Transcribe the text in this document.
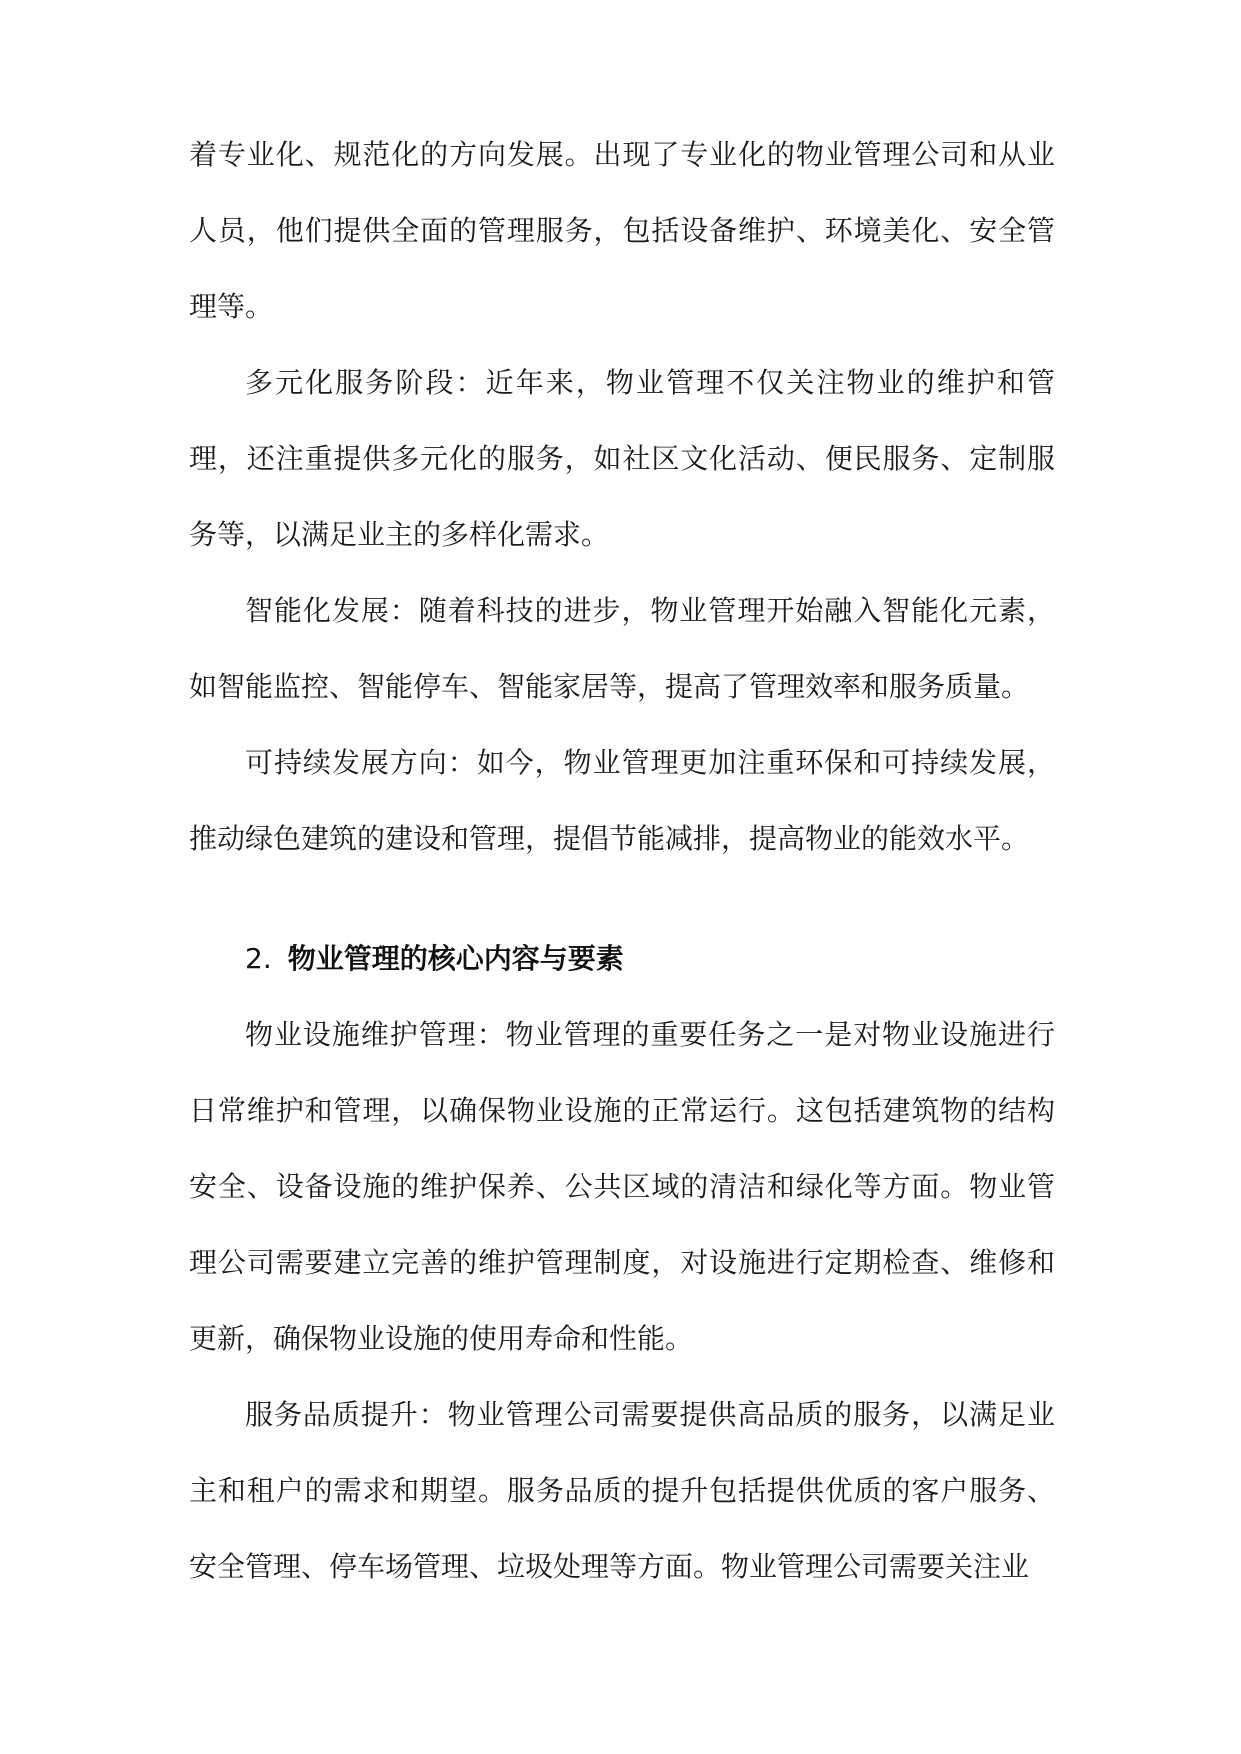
着专业化、规范化的方向发展。出现了专业化的物业管理公司和从业人员，他们提供全面的管理服务，包括设备维护、环境美化、安全管理等。

多元化服务阶段：近年来，物业管理不仅关注物业的维护和管理，还注重提供多元化的服务，如社区文化活动、便民服务、定制服务等，以满足业主的多样化需求。

智能化发展：随着科技的进步，物业管理开始融入智能化元素，如智能监控、智能停车、智能家居等，提高了管理效率和服务质量。

可持续发展方向：如今，物业管理更加注重环保和可持续发展，推动绿色建筑的建设和管理，提倡节能减排，提高物业的能效水平。

2. 物业管理的核心内容与要素

物业设施维护管理：物业管理的重要任务之一是对物业设施进行日常维护和管理，以确保物业设施的正常运行。这包括建筑物的结构安全、设备设施的维护保养、公共区域的清洁和绿化等方面。物业管理公司需要建立完善的维护管理制度，对设施进行定期检查、维修和更新，确保物业设施的使用寿命和性能。

服务品质提升：物业管理公司需要提供高品质的服务，以满足业主和租户的需求和期望。服务品质的提升包括提供优质的客户服务、安全管理、停车场管理、垃圾处理等方面。物业管理公司需要关注业
